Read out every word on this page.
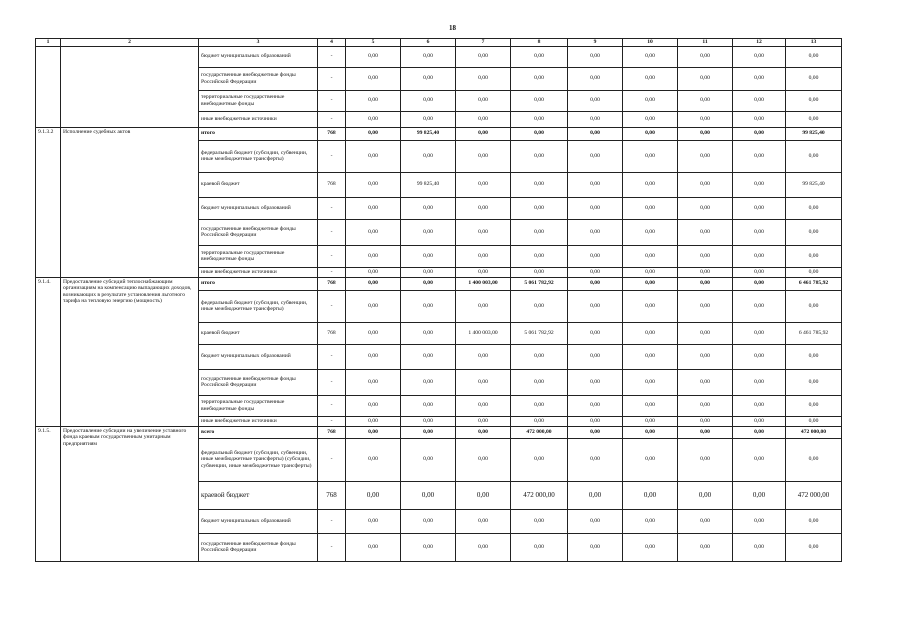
18
1	2	3	4	5	6	7	8	9	10	11	12	13
		бюджет муниципальных образований	-	0,00	0,00	0,00	0,00	0,00	0,00	0,00	0,00	0,00
		государственные внебюджетные фонды Российской Федерации	-	0,00	0,00	0,00	0,00	0,00	0,00	0,00	0,00	0,00
		территориальные государственные внебюджетные фонды	-	0,00	0,00	0,00	0,00	0,00	0,00	0,00	0,00	0,00
		иные внебюджетные источники	-	0,00	0,00	0,00	0,00	0,00	0,00	0,00	0,00	0,00
9.1.3.2	Исполнение судебных актов	итого	768	0,00	99 825,40	0,00	0,00	0,00	0,00	0,00	0,00	99 825,40
		федеральный бюджет (субсидии, субвенции, иные межбюджетные трансферты)	-	0,00	0,00	0,00	0,00	0,00	0,00	0,00	0,00	0,00
		краевой бюджет	768	0,00	99 825,40	0,00	0,00	0,00	0,00	0,00	0,00	99 825,40
		бюджет муниципальных образований	-	0,00	0,00	0,00	0,00	0,00	0,00	0,00	0,00	0,00
		государственные внебюджетные фонды Российской Федерации	-	0,00	0,00	0,00	0,00	0,00	0,00	0,00	0,00	0,00
		территориальные государственные внебюджетные фонды	-	0,00	0,00	0,00	0,00	0,00	0,00	0,00	0,00	0,00
		иные внебюджетные источники	-	0,00	0,00	0,00	0,00	0,00	0,00	0,00	0,00	0,00
9.1.4.	Предоставление субсидий теплоснабжающим организациям на компенсацию выпадающих доходов, возникающих в результате установления льготного тарифа на тепловую энергию (мощность)	итого	768	0,00	0,00	1 400 003,00	5 061 782,92	0,00	0,00	0,00	0,00	6 461 785,92
		федеральный бюджет (субсидии, субвенции, иные межбюджетные трансферты)	-	0,00	0,00	0,00	0,00	0,00	0,00	0,00	0,00	0,00
		краевой бюджет	768	0,00	0,00	1 400 003,00	5 061 782,92	0,00	0,00	0,00	0,00	6 461 785,92
		бюджет муниципальных образований	-	0,00	0,00	0,00	0,00	0,00	0,00	0,00	0,00	0,00
		государственные внебюджетные фонды Российской Федерации	-	0,00	0,00	0,00	0,00	0,00	0,00	0,00	0,00	0,00
		территориальные государственные внебюджетные фонды	-	0,00	0,00	0,00	0,00	0,00	0,00	0,00	0,00	0,00
		иные внебюджетные источники	-	0,00	0,00	0,00	0,00	0,00	0,00	0,00	0,00	0,00
9.1.5.	Предоставление субсидии на увеличение уставного фонда краевым государственным унитарным предприятиям	всего	768	0,00	0,00	0,00	472 000,00	0,00	0,00	0,00	0,00	472 000,00
		федеральный бюджет (субсидии, субвенции, иные межбюджетные трансферты) (субсидии, субвенции, иные межбюджетные трансферты)	-	0,00	0,00	0,00	0,00	0,00	0,00	0,00	0,00	0,00
		краевой бюджет	768	0,00	0,00	0,00	472 000,00	0,00	0,00	0,00	0,00	472 000,00
		бюджет муниципальных образований	-	0,00	0,00	0,00	0,00	0,00	0,00	0,00	0,00	0,00
		государственные внебюджетные фонды Российской Федерации	-	0,00	0,00	0,00	0,00	0,00	0,00	0,00	0,00	0,00
